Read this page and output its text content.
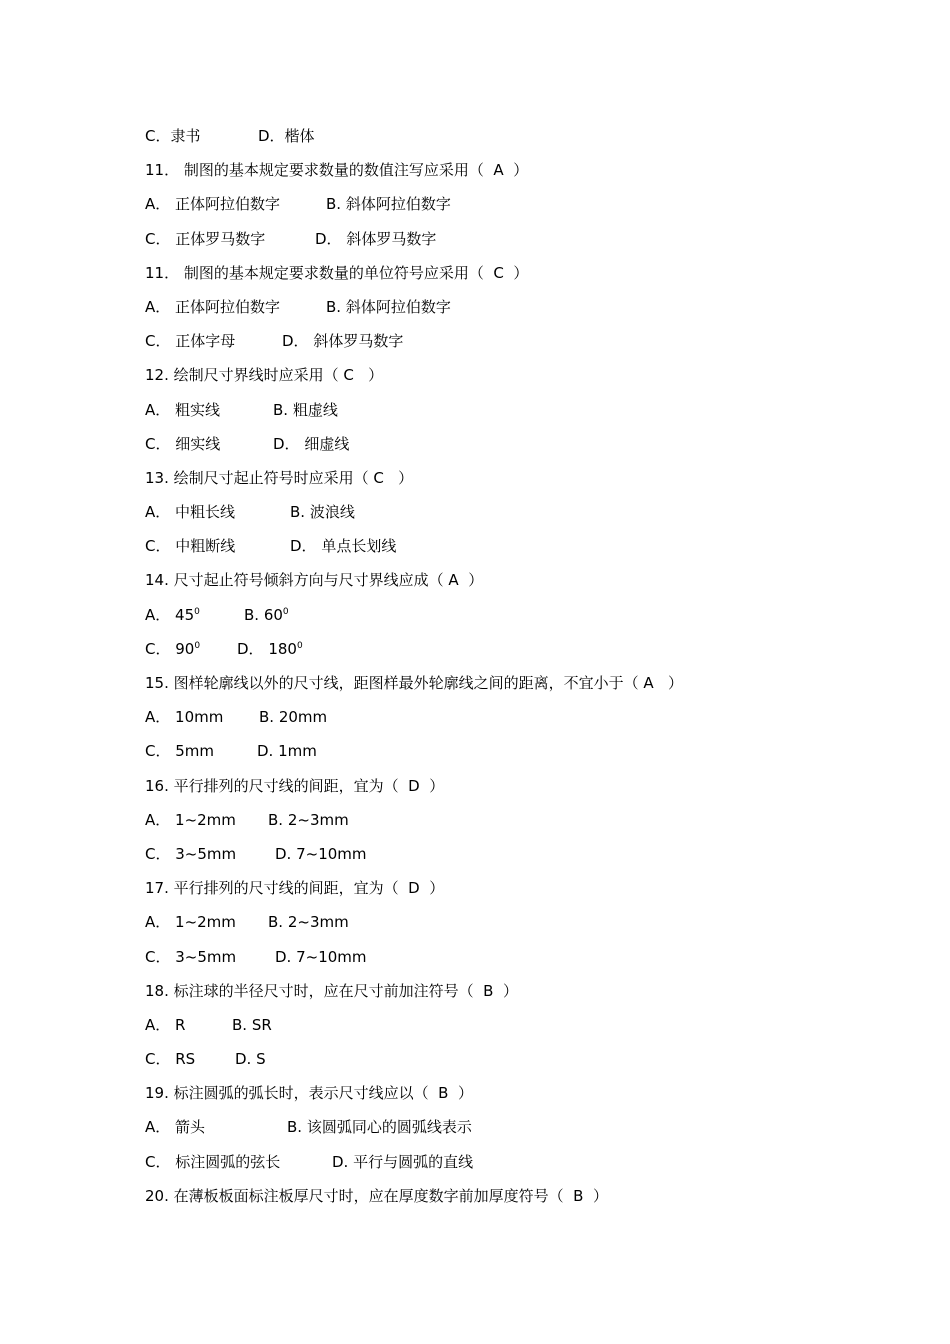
C．隶书	D．楷体
11． 制图的基本规定要求数量的数值注写应采用（  A  ）
A． 正体阿拉伯数字	B. 斜体阿拉伯数字
C． 正体罗马数字	D． 斜体罗马数字
11． 制图的基本规定要求数量的单位符号应采用（  C  ）
A． 正体阿拉伯数字	B. 斜体阿拉伯数字
C． 正体字母	D． 斜体罗马数字
12. 绘制尺寸界线时应采用（ C   ）
A． 粗实线	B. 粗虚线
C． 细实线	D． 细虚线
13. 绘制尺寸起止符号时应采用（ C   ）
A． 中粗长线	B. 波浪线
C． 中粗断线	D． 单点长划线
14. 尺寸起止符号倾斜方向与尺寸界线应成（ A  ）
A． $45^0$	B. $60^0$
C． $90^0$ D． $180^0$
15. 图样轮廓线以外的尺寸线，距图样最外轮廓线之间的距离，不宜小于（ A   ）
A． 10mm B. 20mm
C． 5mm	D. 1mm
16. 平行排列的尺寸线的间距，宜为（  D  ）
A． 1~2mm B. 2~3mm
C． 3~5mm	D. 7~10mm
17. 平行排列的尺寸线的间距，宜为（  D  ）
A． 1~2mm B. 2~3mm
C． 3~5mm	D. 7~10mm
18. 标注球的半径尺寸时，应在尺寸前加注符号（  B  ）
A． R	B. SR
C． RS	D. S
19. 标注圆弧的弧长时，表示尺寸线应以（  B  ）
A． 箭头	B. 该圆弧同心的圆弧线表示
C． 标注圆弧的弦长	D. 平行与圆弧的直线
20. 在薄板板面标注板厚尺寸时，应在厚度数字前加厚度符号（  B  ）
